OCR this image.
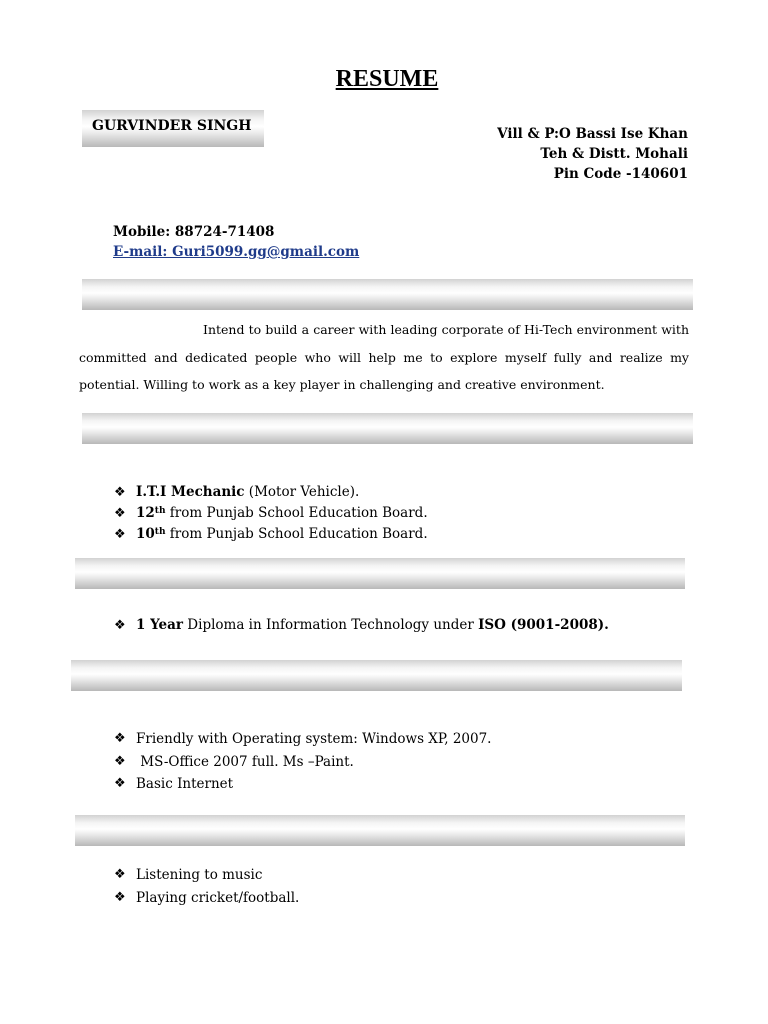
RESUME

GURVINDER SINGH	Vill & P:O Bassi Ise Khan
Teh & Distt. Mohali
Pin Code -140601
Mobile: 88724-71408
E-mail: Guri5099.gg@gmail.com

Intend to build a career with leading corporate of Hi-Tech environment with committed and dedicated people who will help me to explore myself fully and realize my potential. Willing to work as a key player in challenging and creative environment.

❖ I.T.I Mechanic (Motor Vehicle).
❖ 12th from Punjab School Education Board.
❖ 10th from Punjab School Education Board.
❖ 1 Year Diploma in Information Technology under ISO (9001-2008).
❖ Friendly with Operating system: Windows XP, 2007.
❖ MS-Office 2007 full. Ms –Paint.
❖ Basic Internet
❖ Listening to music
❖ Playing cricket/football.
